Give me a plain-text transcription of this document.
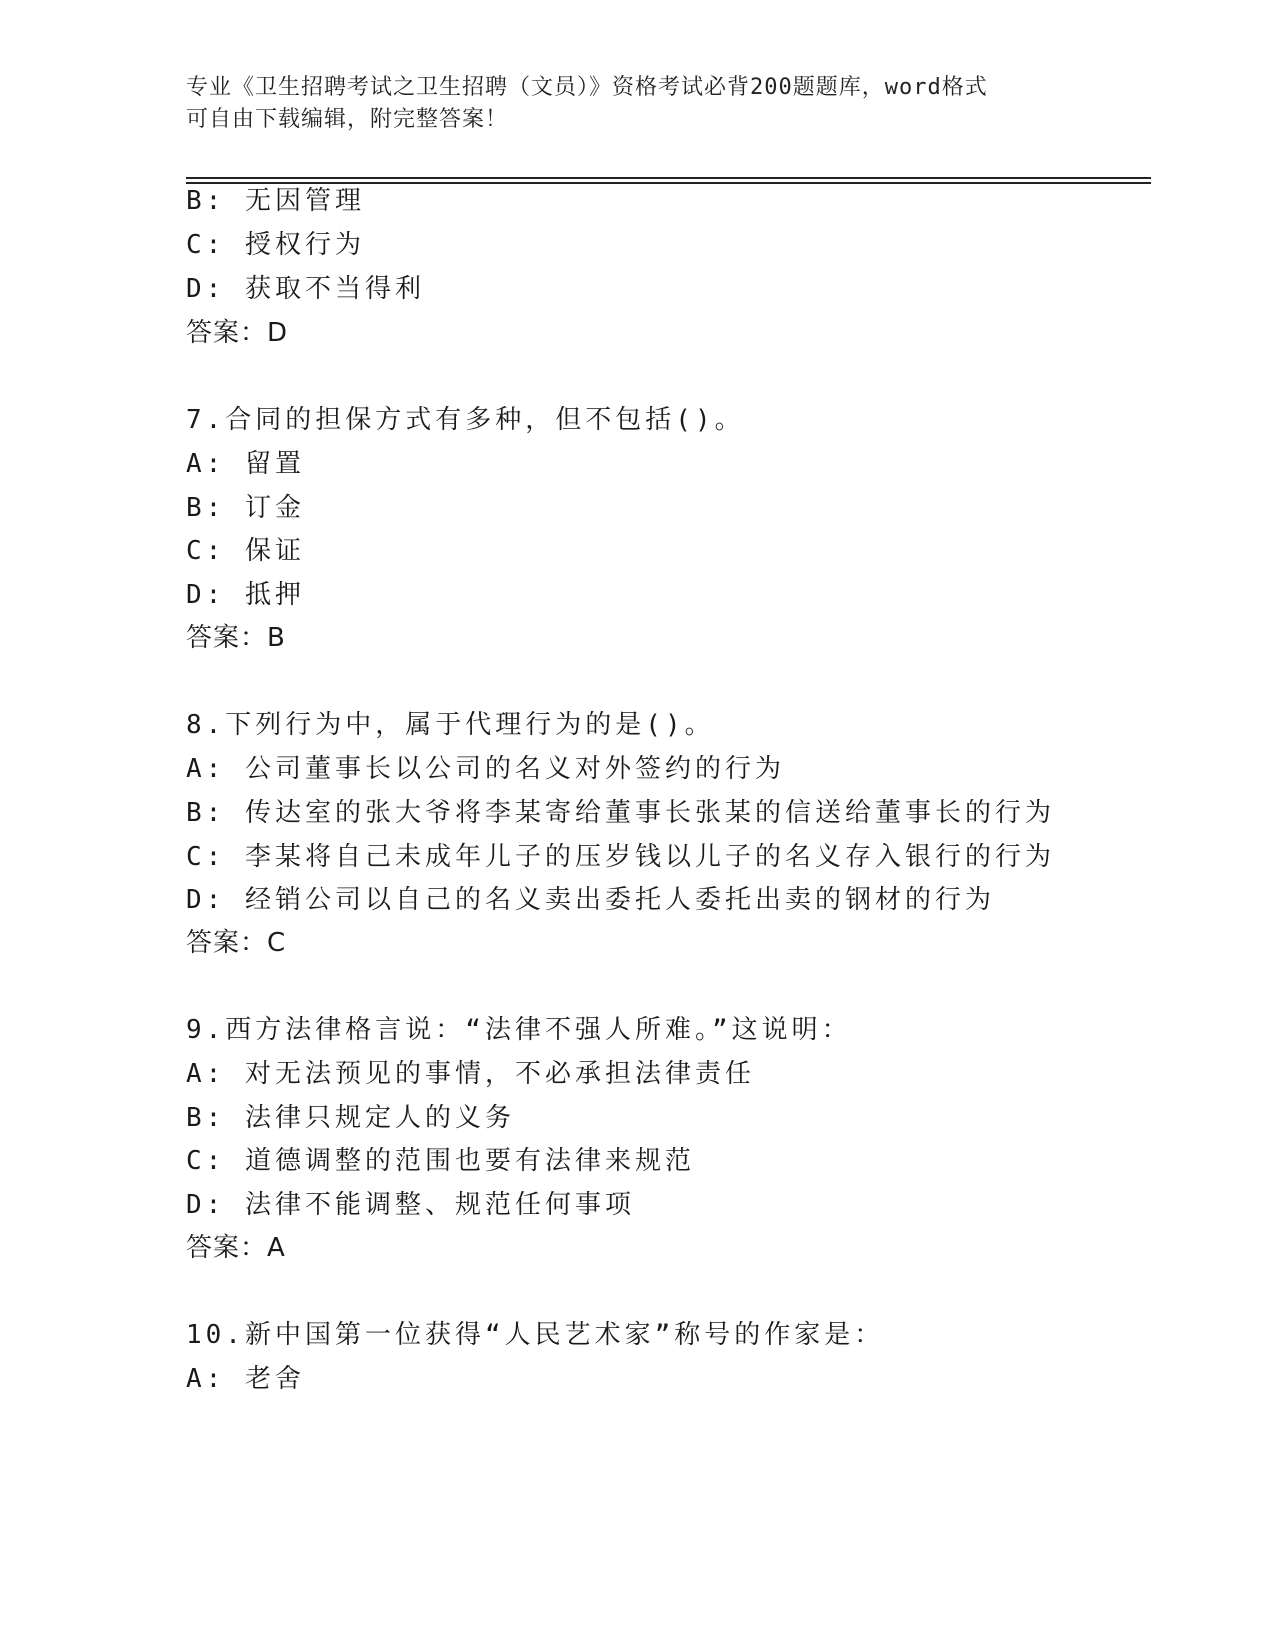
专业《卫生招聘考试之卫生招聘（文员）》资格考试必背200题题库，word格式
可自由下载编辑，附完整答案！
B: 无因管理
C: 授权行为
D: 获取不当得利
答案：D
7.合同的担保方式有多种，但不包括()。
A: 留置
B: 订金
C: 保证
D: 抵押
答案：B
8.下列行为中，属于代理行为的是()。
A: 公司董事长以公司的名义对外签约的行为
B: 传达室的张大爷将李某寄给董事长张某的信送给董事长的行为
C: 李某将自己未成年儿子的压岁钱以儿子的名义存入银行的行为
D: 经销公司以自己的名义卖出委托人委托出卖的钢材的行为
答案：C
9.西方法律格言说：“法律不强人所难。”这说明：
A: 对无法预见的事情，不必承担法律责任
B: 法律只规定人的义务
C: 道德调整的范围也要有法律来规范
D: 法律不能调整、规范任何事项
答案：A
10.新中国第一位获得“人民艺术家”称号的作家是：
A: 老舍
